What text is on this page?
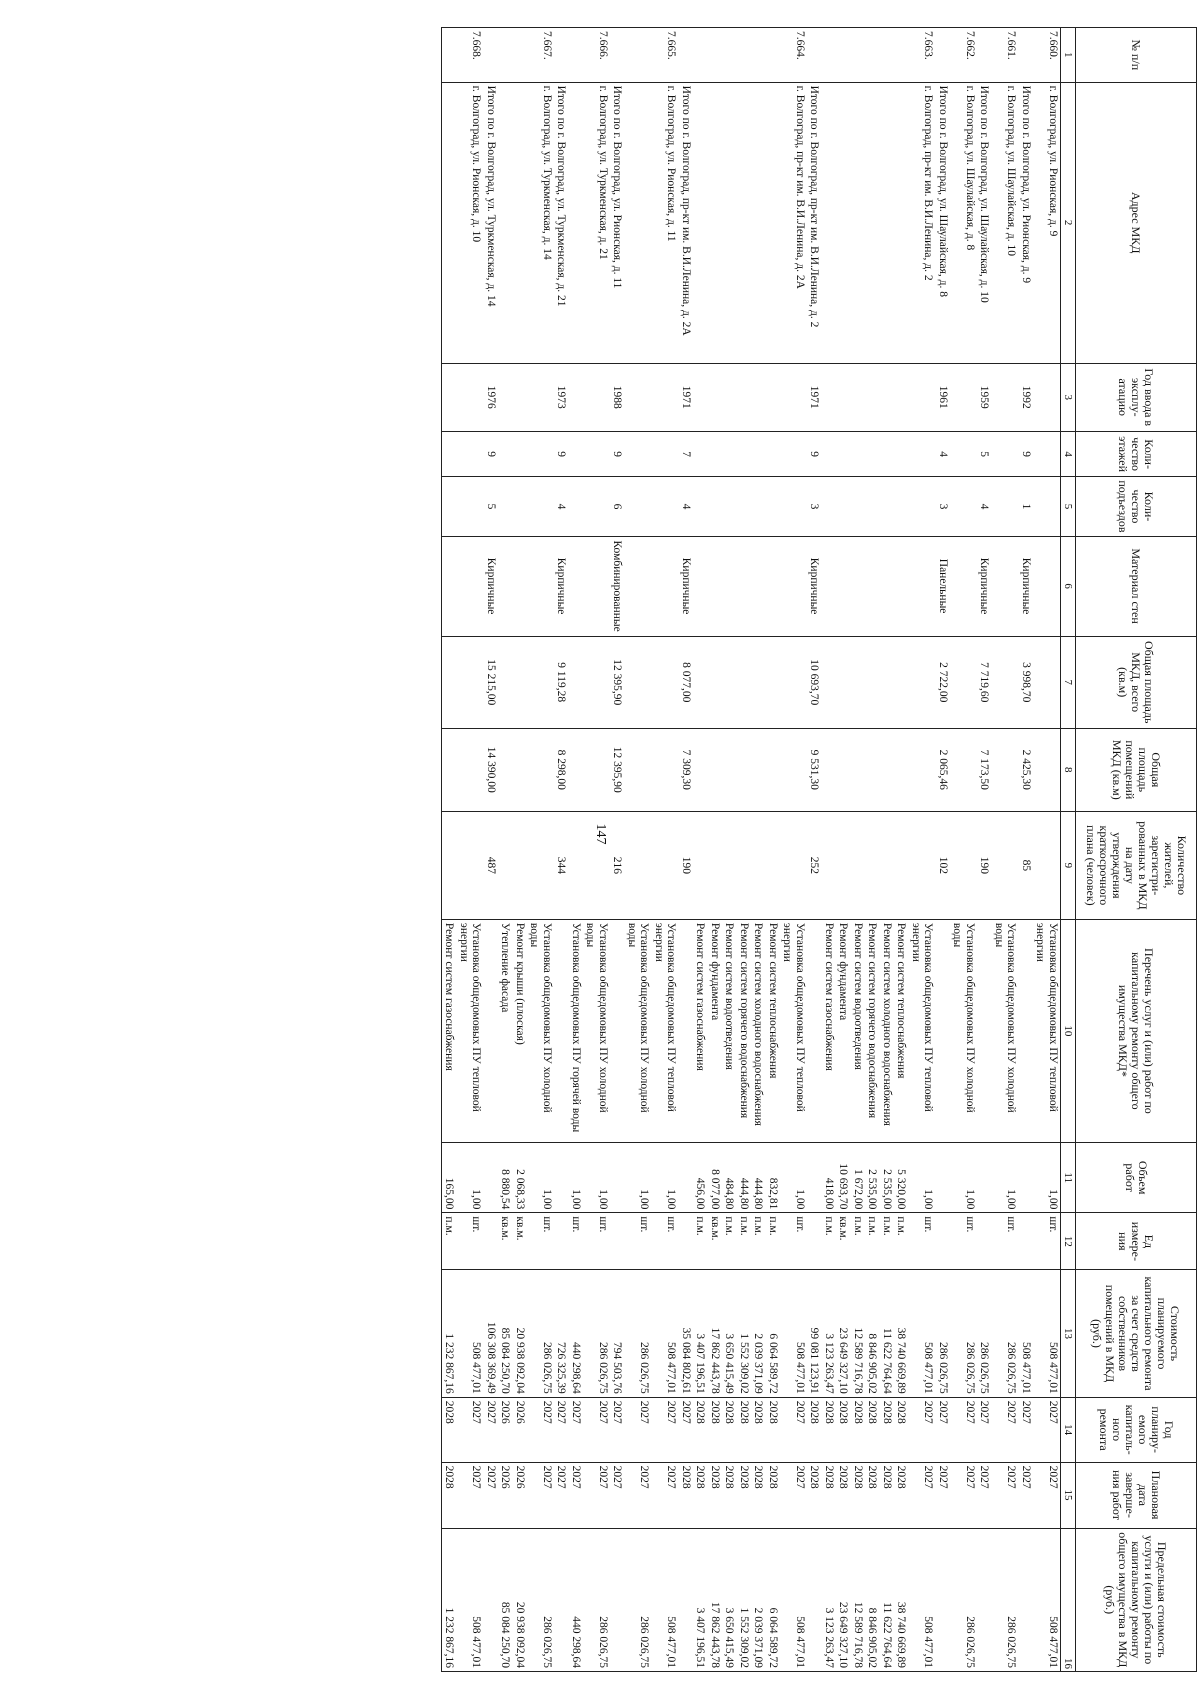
147
№ п/п	Адрес МКД	Год ввода в эксплу-атацию	Коли-чество этажей	Коли-чество подъездов	Материал стен	Общая площадь МКД, всего (кв.м)	Общая площадь помещений МКД (кв.м)	Количество жителей, зарегистри-рованных в МКД на дату утверждения краткосрочного плана (человек)	Перечень услуг и (или) работ по капитальному ремонту общего имущества МКД*	Объем работ	Ед измере-ния	Стоимость планируемого капитального ремонта за счет средств собственников помещений в МКД (руб.)	Год планиру-емого капиталь-ного ремонта	Плановая дата заверше-ния работ	Предельная стоимость услуги и (или) работы по капитальному ремонту общего имущества в МКД (руб.)
1	2	3	4	5	6	7	8	9	10	11	12	13	14	15	16
7.660.	г. Волгоград, ул. Рионская, д. 9								Установка общедомовых ПУ тепловой энергии	1,00	шт.	508 477,01	2027	2027	508 477,01
	Итого по г. Волгоград, ул. Рионская, д. 9	1992	9	1	Кирпичные	3 998,70	2 425,30	85				508 477,01	2027	2027	
7.661.	г. Волгоград, ул. Шаулайская, д. 10								Установка общедомовых ПУ холодной воды	1,00	шт.	286 026,75	2027	2027	286 026,75
	Итого по г. Волгоград, ул. Шаулайская, д. 10	1959	5	4	Кирпичные	7 719,60	7 173,50	190				286 026,75	2027	2027	
7.662.	г. Волгоград, ул. Шаулайская, д. 8								Установка общедомовых ПУ холодной воды	1,00	шт.	286 026,75	2027	2027	286 026,75
	Итого по г. Волгоград, ул. Шаулайская, д. 8	1961	4	3	Панельные	2 722,00	2 065,46	102				286 026,75	2027	2027	
7.663.	г. Волгоград, пр-кт им. В.И.Ленина, д. 2								Установка общедомовых ПУ тепловой энергии	1,00	шт.	508 477,01	2027	2027	508 477,01
									Ремонт систем теплоснабжения	5 320,00	п.м.	38 740 669,89	2028	2028	38 740 669,89
									Ремонт систем холодного водоснабжения	2 535,00	п.м.	11 622 764,64	2028	2028	11 622 764,64
									Ремонт систем горячего водоснабжения	2 535,00	п.м.	8 846 905,02	2028	2028	8 846 905,02
									Ремонт систем водоотведения	1 672,00	п.м.	12 589 716,78	2028	2028	12 589 716,78
									Ремонт фундамента	10 693,70	кв.м.	23 649 327,10	2028	2028	23 649 327,10
									Ремонт систем газоснабжения	418,00	п.м.	3 123 263,47	2028	2028	3 123 263,47
	Итого по г. Волгоград, пр-кт им. В.И.Ленина, д. 2	1971	9	3	Кирпичные	10 693,70	9 531,30	252				99 081 123,91	2028	2028	
7.664.	г. Волгоград, пр-кт им. В.И.Ленина, д. 2А								Установка общедомовых ПУ тепловой энергии	1,00	шт.	508 477,01	2027	2027	508 477,01
									Ремонт систем теплоснабжения	832,81	п.м.	6 064 589,72	2028	2028	6 064 589,72
									Ремонт систем холодного водоснабжения	444,80	п.м.	2 039 371,09	2028	2028	2 039 371,09
									Ремонт систем горячего водоснабжения	444,80	п.м.	1 552 309,02	2028	2028	1 552 309,02
									Ремонт систем водоотведения	484,80	п.м.	3 650 415,49	2028	2028	3 650 415,49
									Ремонт фундамента	8 077,00	кв.м.	17 862 443,78	2028	2028	17 862 443,78
									Ремонт систем газоснабжения	456,00	п.м.	3 407 196,51	2028	2028	3 407 196,51
	Итого по г. Волгоград, пр-кт им. В.И.Ленина, д. 2А	1971	7	4	Кирпичные	8 077,00	7 309,30	190				35 084 802,61	2027	2028	
7.665.	г. Волгоград, ул. Рионская, д. 11								Установка общедомовых ПУ тепловой энергии	1,00	шт.	508 477,01	2027	2027	508 477,01
									Установка общедомовых ПУ холодной воды	1,00	шт.	286 026,75	2027	2027	286 026,75
	Итого по г. Волгоград, ул. Рионская, д. 11	1988	9	6	Комбинированные	12 395,90	12 395,90	216				794 503,76	2027	2027	
7.666.	г. Волгоград, ул. Туркменская, д. 21								Установка общедомовых ПУ холодной воды	1,00	шт.	286 026,75	2027	2027	286 026,75
									Установка общедомовых ПУ горячей воды	1,00	шт.	440 298,64	2027	2027	440 298,64
	Итого по г. Волгоград, ул. Туркменская, д. 21	1973	9	4	Кирпичные	9 119,28	8 298,00	344				726 325,39	2027	2027	
7.667.	г. Волгоград, ул. Туркменская, д. 14								Установка общедомовых ПУ холодной воды	1,00	шт.	286 026,75	2027	2027	286 026,75
									Ремонт крыши (плоская)	2 068,33	кв.м.	20 938 092,04	2026	2026	20 938 092,04
									Утепление фасада	8 880,54	кв.м.	85 084 250,70	2026	2026	85 084 250,70
	Итого по г. Волгоград, ул. Туркменская, д. 14	1976	9	5	Кирпичные	15 215,00	14 390,00	487				106 308 369,49	2027	2027	
7.668.	г. Волгоград, ул. Рионская, д. 10								Установка общедомовых ПУ тепловой энергии	1,00	шт.	508 477,01	2027	2027	508 477,01
									Ремонт систем газоснабжения	165,00	п.м.	1 232 867,16	2028	2028	1 232 867,16
